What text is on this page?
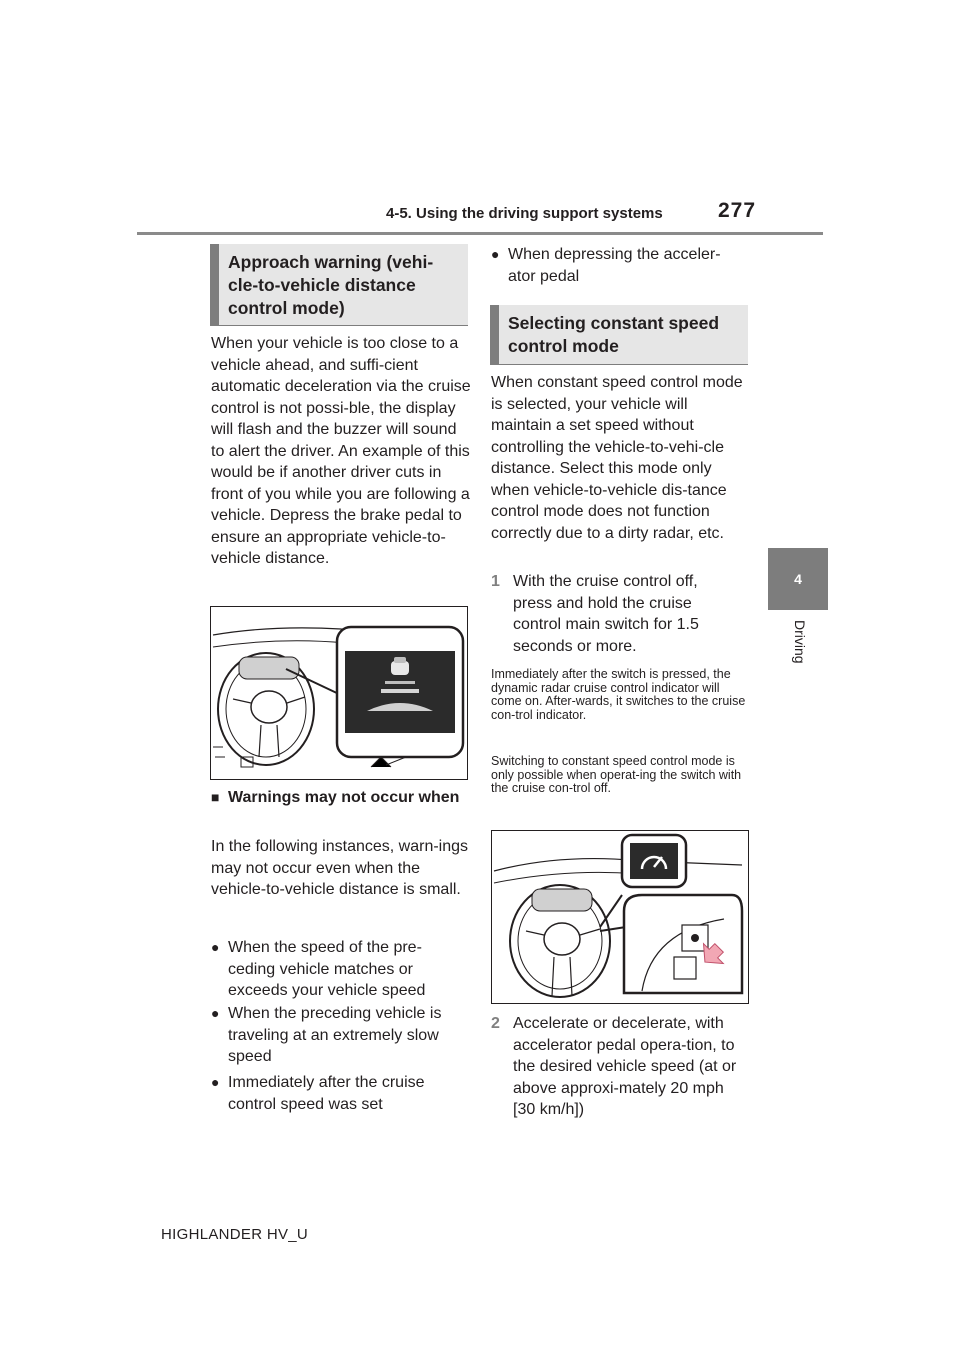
4-5. Using the driving support systems	277
4
Driving
Approach warning (vehi-cle-to-vehicle distance control mode)
When your vehicle is too close to a vehicle ahead, and suffi-cient automatic deceleration via the cruise control is not possi-ble, the display will flash and the buzzer will sound to alert the driver. An example of this would be if another driver cuts in front of you while you are following a vehicle. Depress the brake pedal to ensure an appropriate vehicle-to-vehicle distance.
■ Warnings may not occur when
In the following instances, warn-ings may not occur even when the vehicle-to-vehicle distance is small.
● When the speed of the pre-ceding vehicle matches or exceeds your vehicle speed
● When the preceding vehicle is traveling at an extremely slow speed
● Immediately after the cruise control speed was set
● When depressing the acceler-ator pedal
Selecting constant speed control mode
When constant speed control mode is selected, your vehicle will maintain a set speed without controlling the vehicle-to-vehi-cle distance. Select this mode only when vehicle-to-vehicle dis-tance control mode does not function correctly due to a dirty radar, etc.
1 With the cruise control off, press and hold the cruise control main switch for 1.5 seconds or more.
Immediately after the switch is pressed, the dynamic radar cruise control indicator will come on. After-wards, it switches to the cruise con-trol indicator.
Switching to constant speed control mode is only possible when operat-ing the switch with the cruise con-trol off.
2 Accelerate or decelerate, with accelerator pedal opera-tion, to the desired vehicle speed (at or above approxi-mately 20 mph [30 km/h])
HIGHLANDER HV_U
